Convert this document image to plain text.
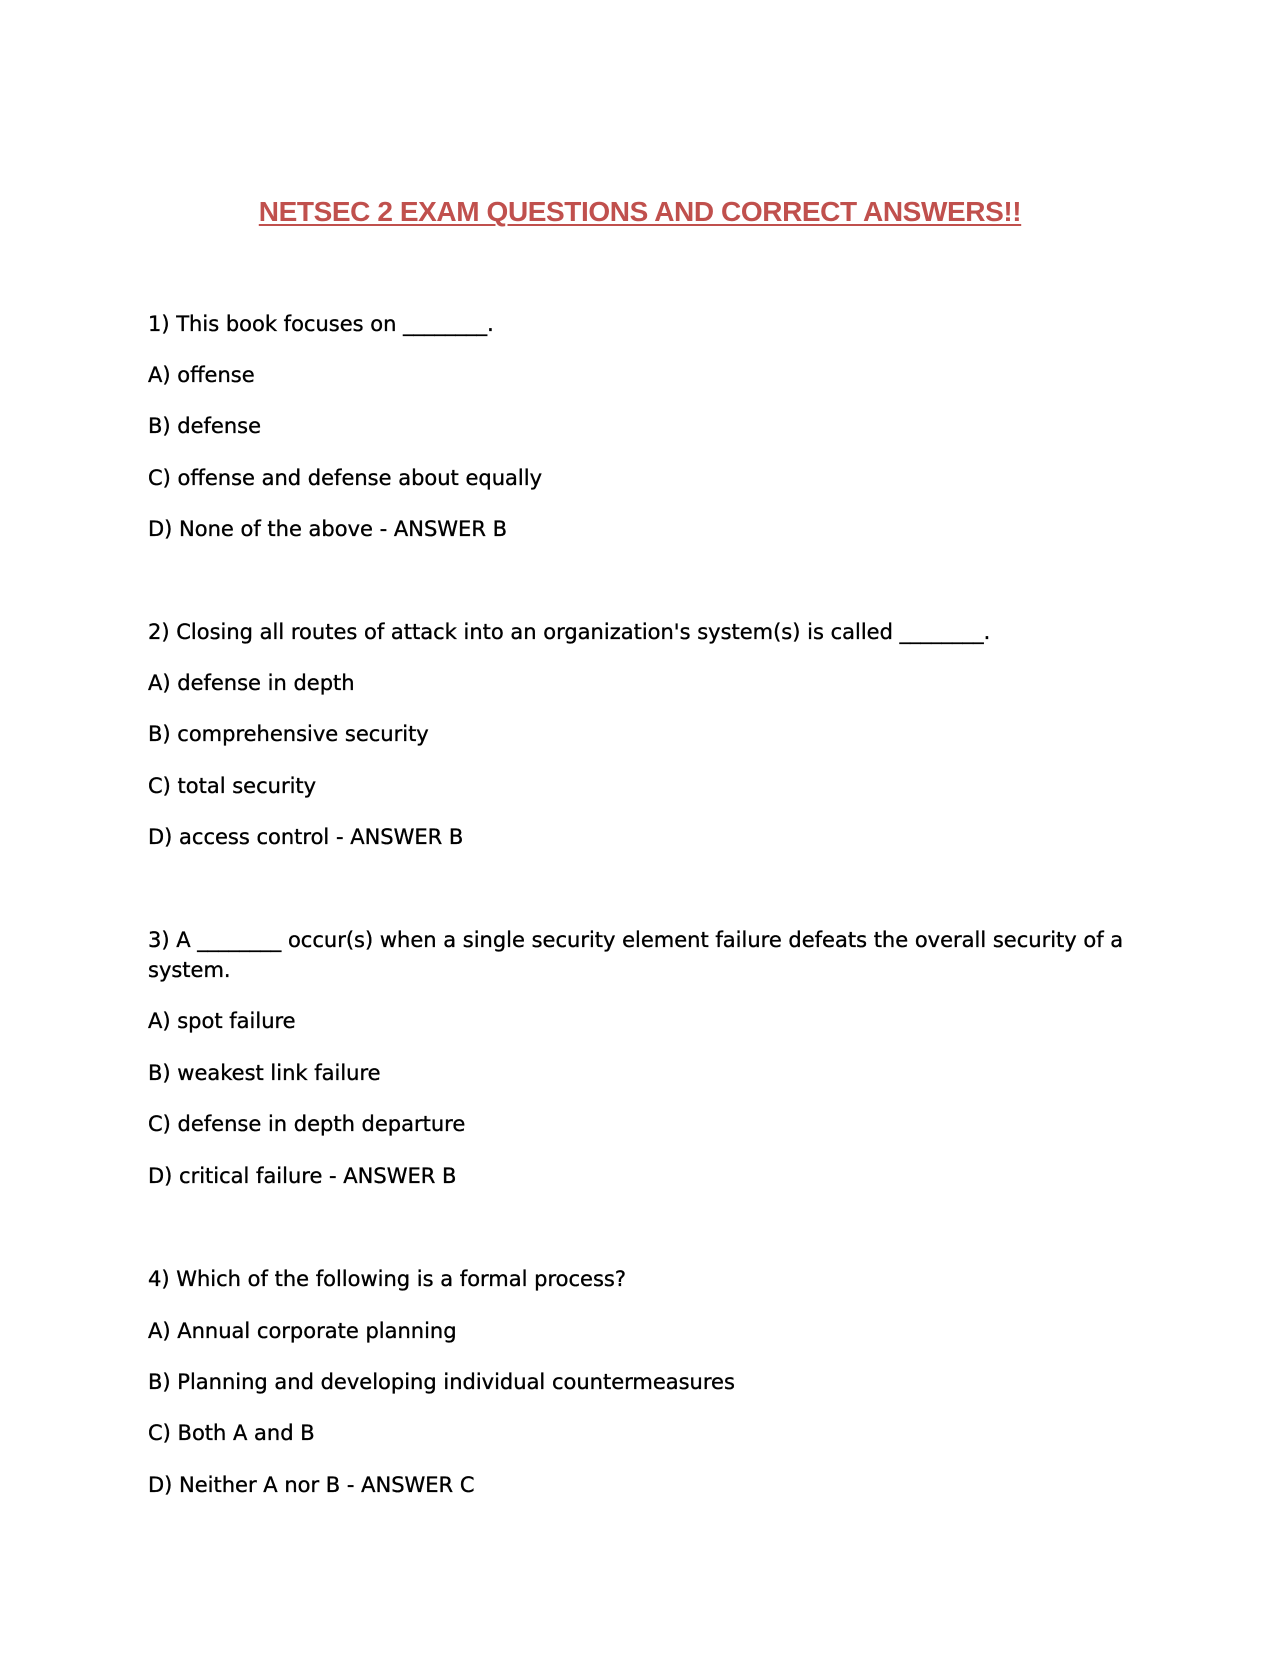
NETSEC 2 EXAM QUESTIONS AND CORRECT ANSWERS!!

1) This book focuses on ________.

A) offense

B) defense

C) offense and defense about equally

D) None of the above - ANSWER B

2) Closing all routes of attack into an organization's system(s) is called ________.

A) defense in depth

B) comprehensive security

C) total security

D) access control - ANSWER B

3) A ________ occur(s) when a single security element failure defeats the overall security of a system.

A) spot failure

B) weakest link failure

C) defense in depth departure

D) critical failure - ANSWER B

4) Which of the following is a formal process?

A) Annual corporate planning

B) Planning and developing individual countermeasures

C) Both A and B

D) Neither A nor B - ANSWER C
